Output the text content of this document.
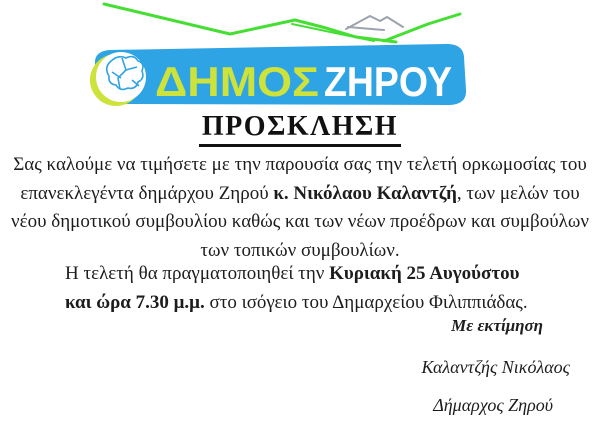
ΔΗΜΟΣ ΖΗΡΟΥ
ΠΡΟΣΚΛΗΣΗ
Σας καλούμε να τιμήσετε με την παρουσία σας την τελετή ορκωμοσίας του
επανεκλεγέντα δημάρχου Ζηρού κ. Νικόλαου Καλαντζή, των μελών του
νέου δημοτικού συμβουλίου καθώς και των νέων προέδρων και συμβούλων
των τοπικών συμβουλίων.
Η τελετή θα πραγματοποιηθεί την Κυριακή 25 Αυγούστου
και ώρα 7.30 μ.μ. στο ισόγειο του Δημαρχείου Φιλιππιάδας.
Με εκτίμηση
Καλαντζής Νικόλαος
Δήμαρχος Ζηρού
